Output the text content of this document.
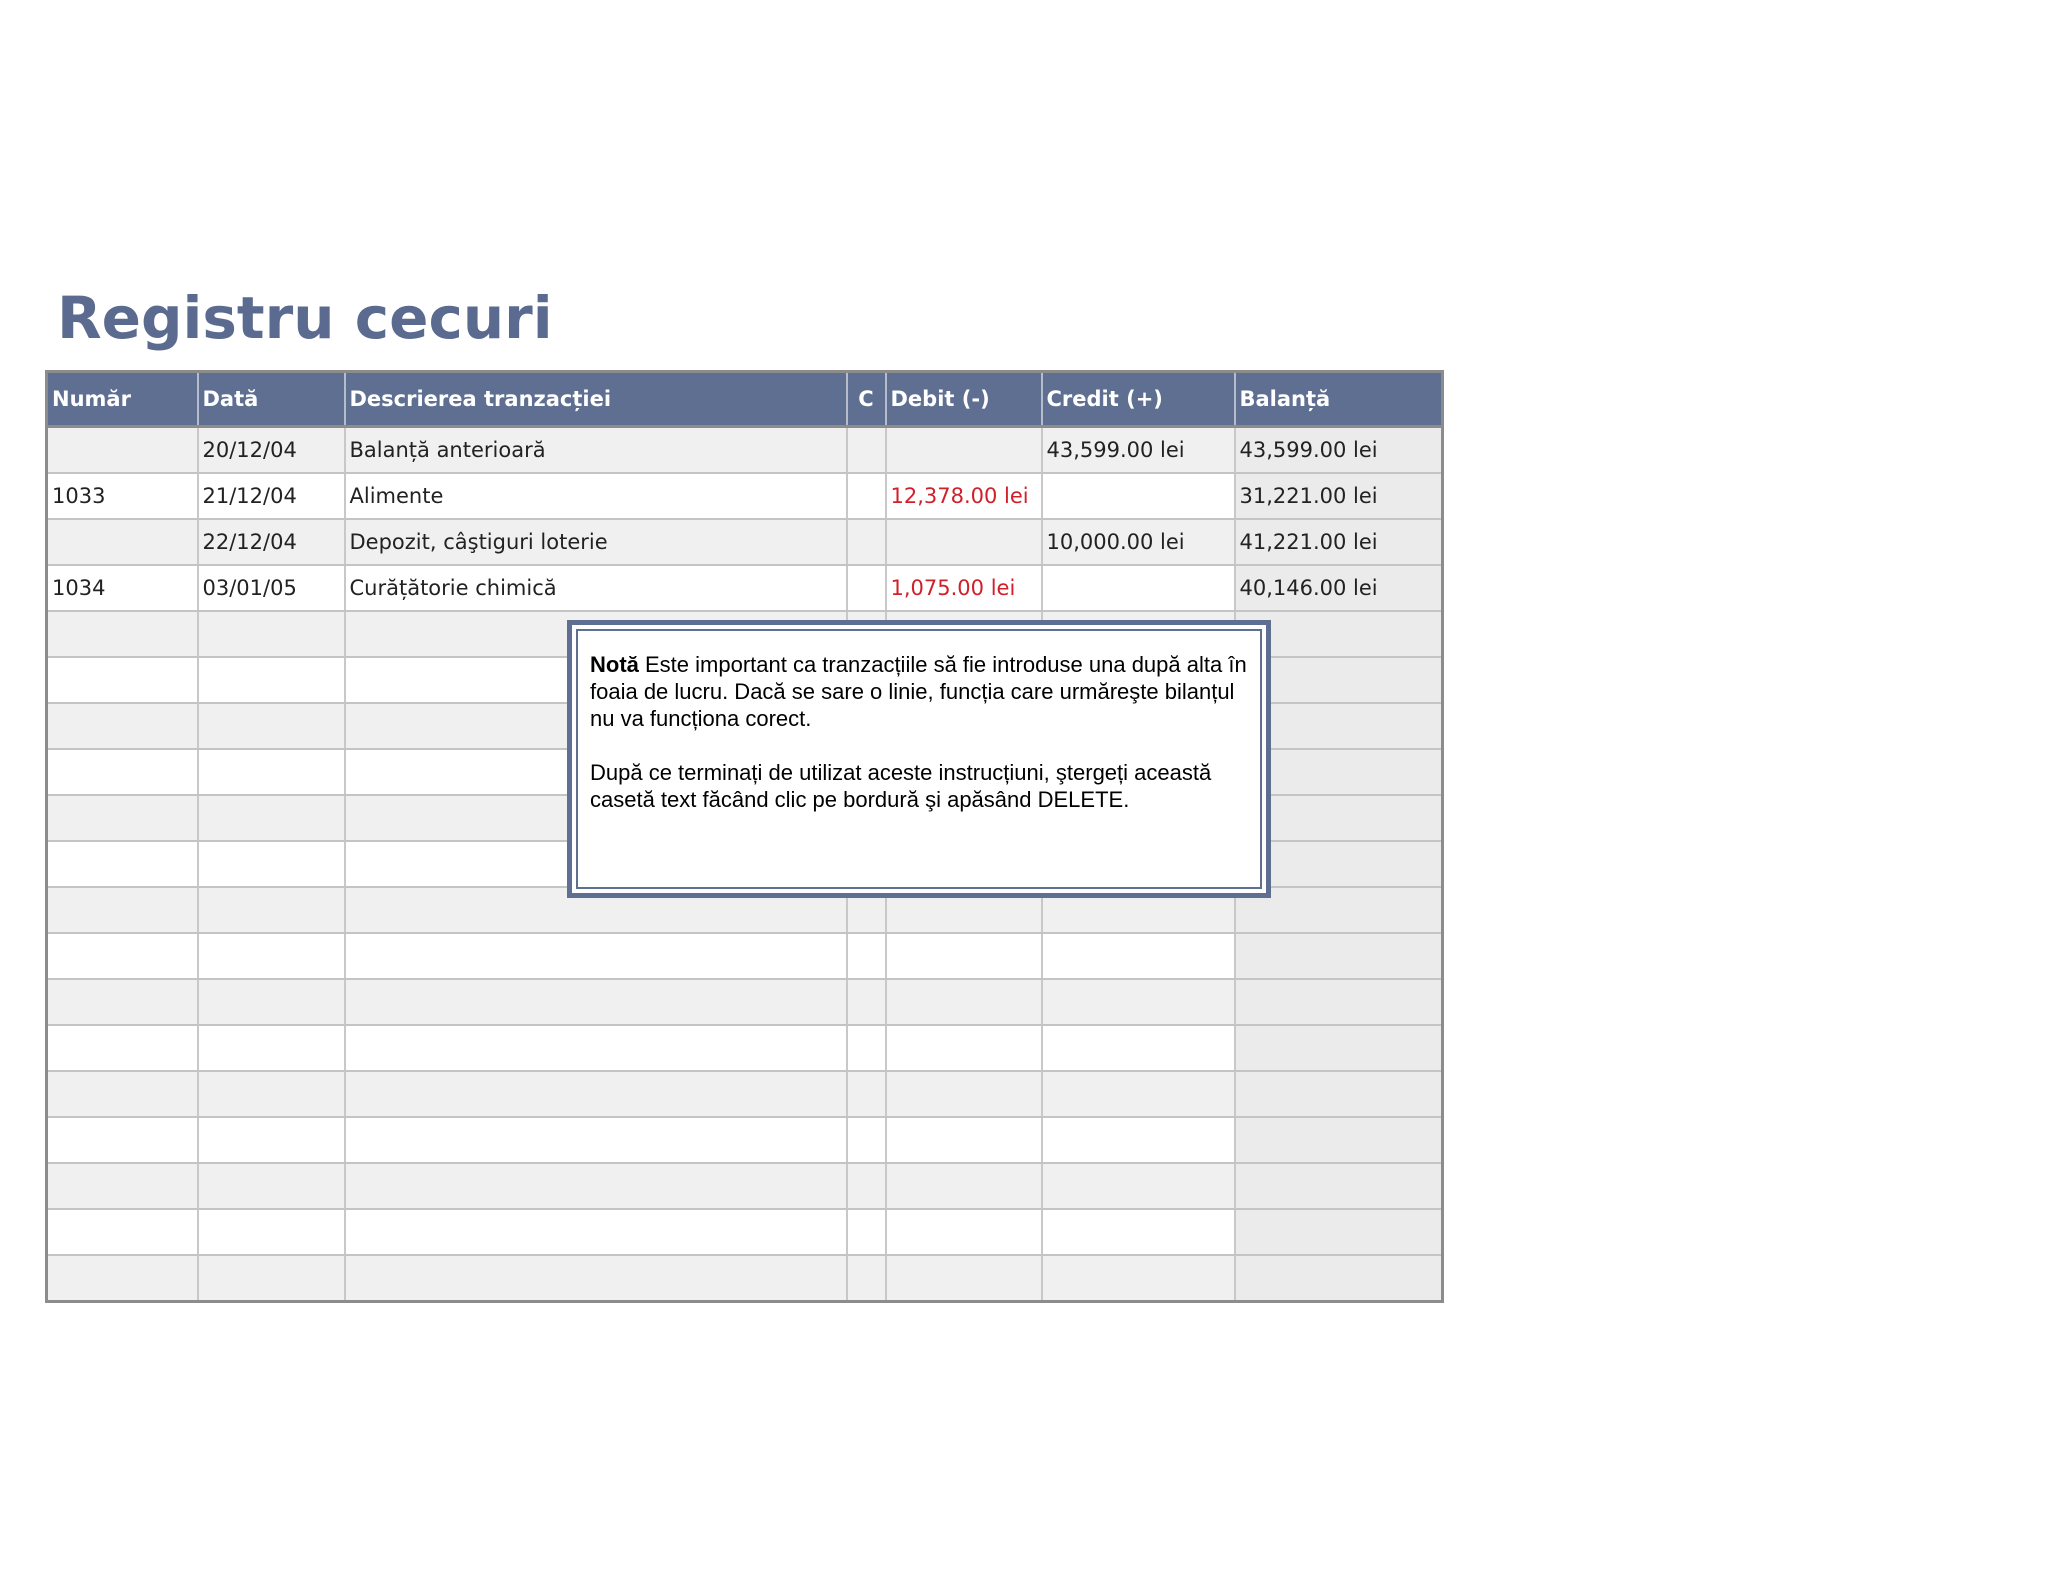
Registru cecuri
Număr	Dată	Descrierea tranzacției	C	Debit (-)	Credit (+)	Balanță
	20/12/04	Balanță anterioară			43,599.00 lei	43,599.00 lei
1033	21/12/04	Alimente		12,378.00 lei		31,221.00 lei
	22/12/04	Depozit, câştiguri loterie			10,000.00 lei	41,221.00 lei
1034	03/01/05	Curățătorie chimică		1,075.00 lei		40,146.00 lei

Notă Este important ca tranzacțiile să fie introduse una după alta în foaia de lucru. Dacă se sare o linie, funcția care urmăreşte bilanțul nu va funcționa corect.

După ce terminați de utilizat aceste instrucțiuni, ştergeți această casetă text făcând clic pe bordură şi apăsând DELETE.
